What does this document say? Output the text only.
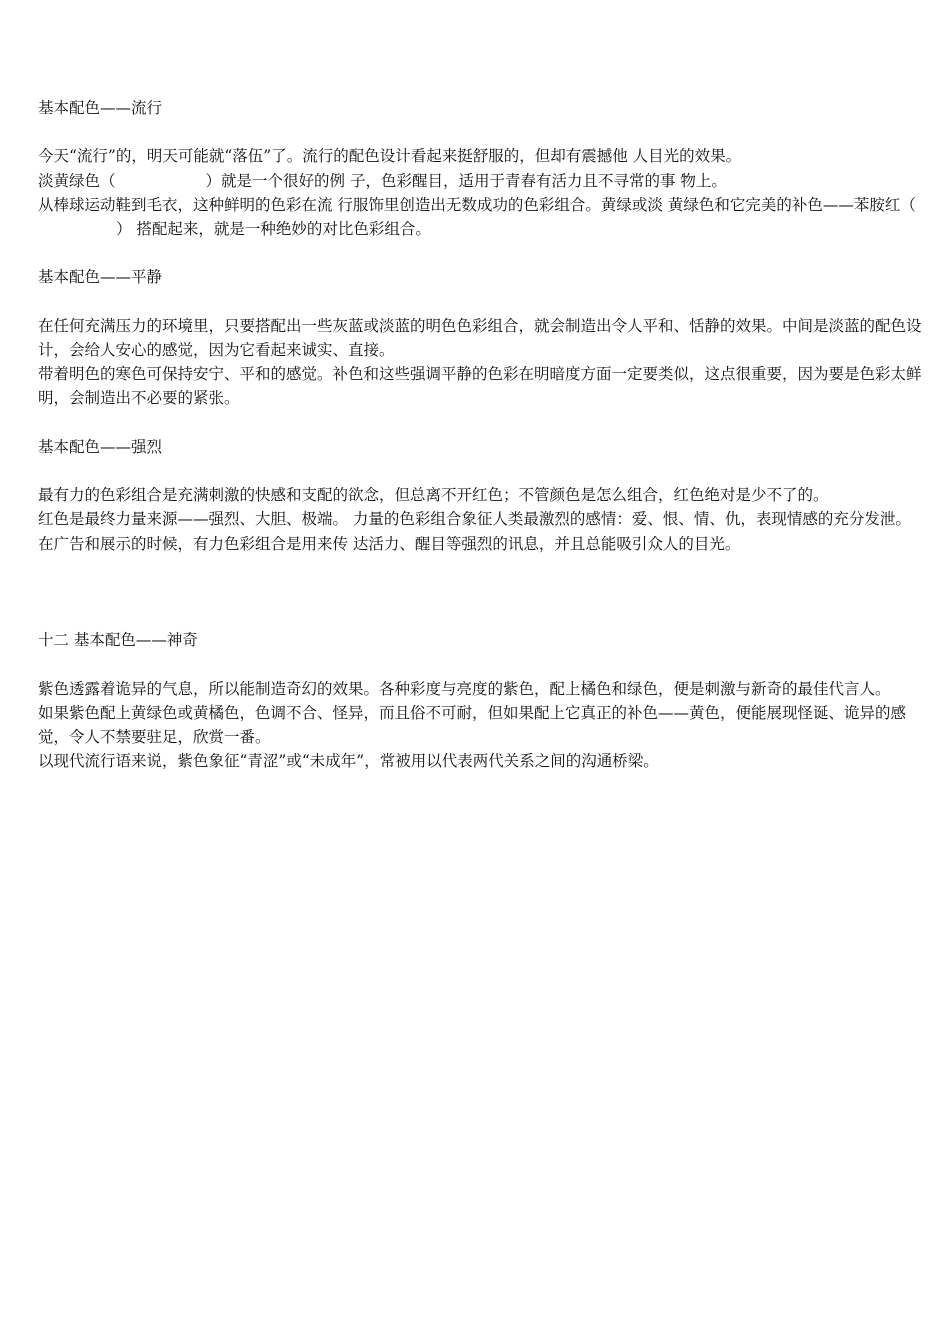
基本配色——流行

今天“流行”的，明天可能就“落伍”了。流行的配色设计看起来挺舒服的，但却有震撼他 人目光的效果。

淡黄绿色（	）就是一个很好的例 子，色彩醒目，适用于青春有活力且不寻常的事 物上。

从棒球运动鞋到毛衣，这种鲜明的色彩在流 行服饰里创造出无数成功的色彩组合。黄绿或淡 黄绿色和它完美的补色——苯胺红（） 搭配起来，就是一种绝妙的对比色彩组合。

基本配色——平静

在任何充满压力的环境里，只要搭配出一些灰蓝或淡蓝的明色色彩组合，就会制造出令人平和、恬静的效果。中间是淡蓝的配色设计，会给人安心的感觉，因为它看起来诚实、直接。

带着明色的寒色可保持安宁、平和的感觉。补色和这些强调平静的色彩在明暗度方面一定要类似，这点很重要，因为要是色彩太鲜明，会制造出不必要的紧张。

基本配色——强烈

最有力的色彩组合是充满刺激的快感和支配的欲念，但总离不开红色；不管颜色是怎么组合，红色绝对是少不了的。

红色是最终力量来源——强烈、大胆、极端。 力量的色彩组合象征人类最激烈的感情：爱、恨、情、仇，表现情感的充分发泄。

在广告和展示的时候，有力色彩组合是用来传 达活力、醒目等强烈的讯息，并且总能吸引众人的目光。

十二 基本配色——神奇

紫色透露着诡异的气息，所以能制造奇幻的效果。各种彩度与亮度的紫色，配上橘色和绿色，便是刺激与新奇的最佳代言人。

如果紫色配上黄绿色或黄橘色，色调不合、怪异，而且俗不可耐，但如果配上它真正的补色——黄色，便能展现怪诞、诡异的感觉，令人不禁要驻足，欣赏一番。

以现代流行语来说，紫色象征“青涩”或“未成年”，常被用以代表两代关系之间的沟通桥梁。
